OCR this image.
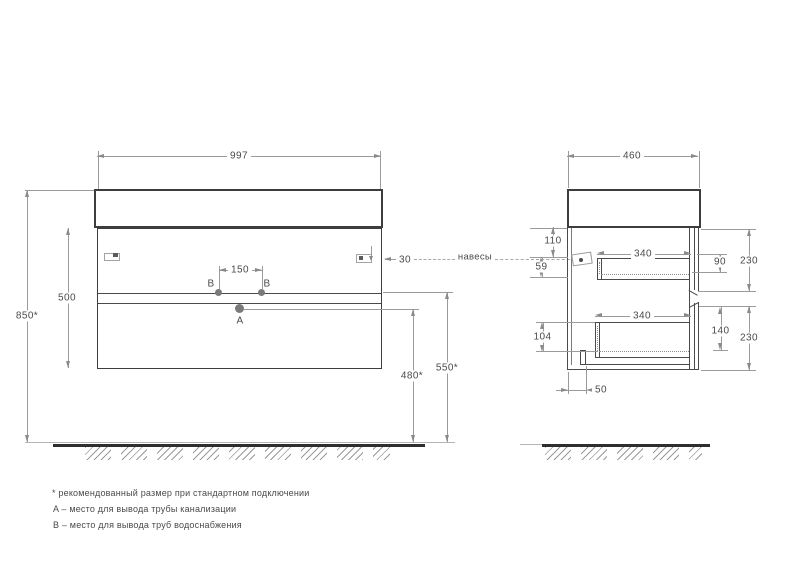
B	B
A
997
500
850*
150
30	навесы
550*
480*
460
110
59
340
90	230
340
104
140
230
50
* рекомендованный размер при стандартном подключении
A – место для вывода трубы канализации
B – место для вывода труб водоснабжения
